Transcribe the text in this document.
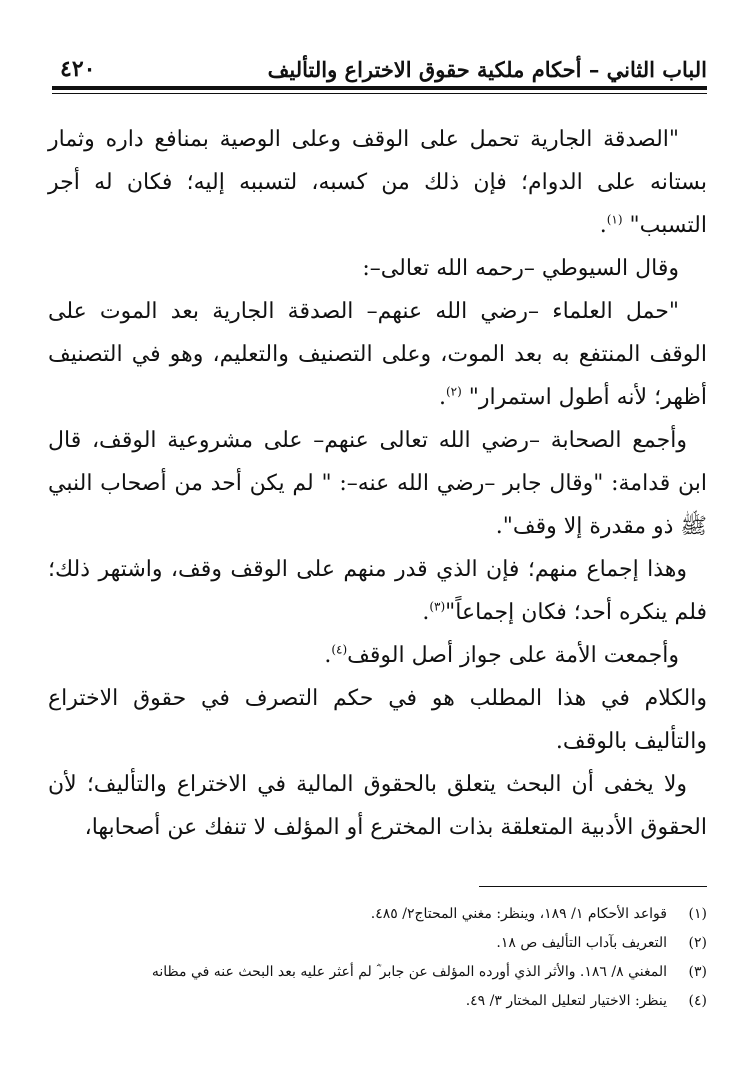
الباب الثاني – أحكام ملكية حقوق الاختراع والتأليف
٤٢٠

"الصدقة الجارية تحمل على الوقف وعلى الوصية بمنافع داره وثمار بستانه على الدوام؛ فإن ذلك من كسبه، لتسببه إليه؛ فكان له أجر التسبب" $^{(١)}$.

وقال السيوطي –رحمه الله تعالى–:

"حمل العلماء –رضي الله عنهم– الصدقة الجارية بعد الموت على الوقف المنتفع به بعد الموت، وعلى التصنيف والتعليم، وهو في التصنيف أظهر؛ لأنه أطول استمرار" $^{(٢)}$.

وأجمع الصحابة –رضي الله تعالى عنهم– على مشروعية الوقف، قال ابن قدامة: "وقال جابر –رضي الله عنه–: " لم يكن أحد من أصحاب النبي ﷺ ذو مقدرة إلا وقف".

وهذا إجماع منهم؛ فإن الذي قدر منهم على الوقف وقف، واشتهر ذلك؛ فلم ينكره أحد؛ فكان إجماعاً"$^{(٣)}$.

وأجمعت الأمة على جواز أصل الوقف$^{(٤)}$.

والكلام في هذا المطلب هو في حكم التصرف في حقوق الاختراع والتأليف بالوقف.

ولا يخفى أن البحث يتعلق بالحقوق المالية في الاختراع والتأليف؛ لأن الحقوق الأدبية المتعلقة بذات المخترع أو المؤلف لا تنفك عن أصحابها،

(١)
قواعد الأحكام ١/ ١٨٩، وينظر: مغني المحتاج٢/ ٤٨٥.
(٢)
التعريف بآداب التأليف ص ١٨.
(٣)
المغني ٨/ ١٨٦. والأثر الذي أورده المؤلف عن جابر ؓ لم أعثر عليه بعد البحث عنه في مظانه
(٤)
ينظر: الاختيار لتعليل المختار ٣/ ٤٩.
